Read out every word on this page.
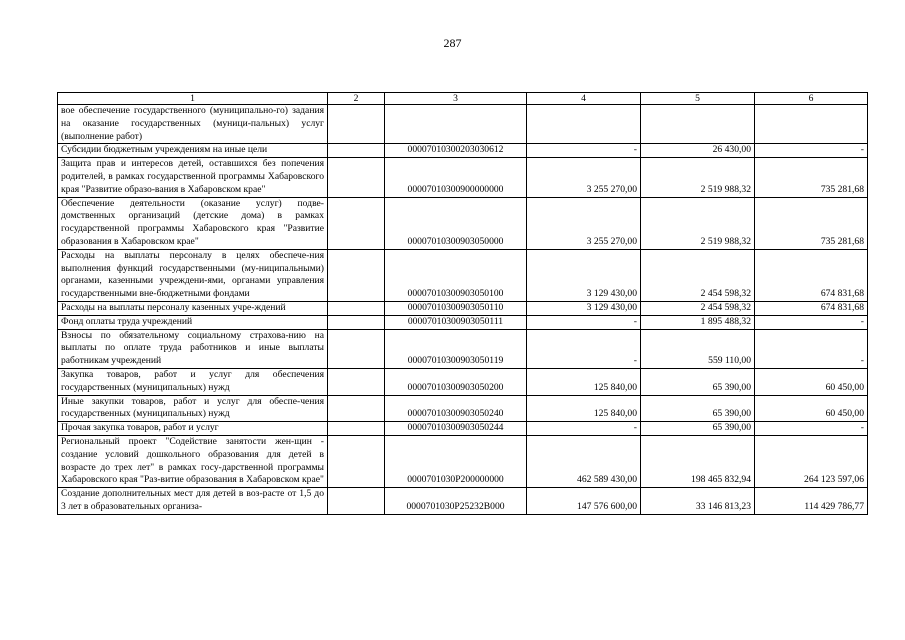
287
1	2	3	4	5	6
вое обеспечение государственного (муниципально-го) задания на оказание государственных (муници-пальных) услуг (выполнение работ)					
Субсидии бюджетным учреждениям на иные цели		00007010300203030612	-	26 430,00	-
Защита прав и интересов детей, оставшихся без попечения родителей, в рамках государственной программы Хабаровского края "Развитие образо-вания в Хабаровском крае"		00007010300900000000	3 255 270,00	2 519 988,32	735 281,68
Обеспечение деятельности (оказание услуг) подве-домственных организаций (детские дома) в рамках государственной программы Хабаровского края "Развитие образования в Хабаровском крае"		00007010300903050000	3 255 270,00	2 519 988,32	735 281,68
Расходы на выплаты персоналу в целях обеспече-ния выполнения функций государственными (му-ниципальными) органами, казенными учреждени-ями, органами управления государственными вне-бюджетными фондами		00007010300903050100	3 129 430,00	2 454 598,32	674 831,68
Расходы на выплаты персоналу казенных учре-ждений		00007010300903050110	3 129 430,00	2 454 598,32	674 831,68
Фонд оплаты труда учреждений		00007010300903050111	-	1 895 488,32	-
Взносы по обязательному социальному страхова-нию на выплаты по оплате труда работников и иные выплаты работникам учреждений		00007010300903050119	-	559 110,00	-
Закупка товаров, работ и услуг для обеспечения государственных (муниципальных) нужд		00007010300903050200	125 840,00	65 390,00	60 450,00
Иные закупки товаров, работ и услуг для обеспе-чения государственных (муниципальных) нужд		00007010300903050240	125 840,00	65 390,00	60 450,00
Прочая закупка товаров, работ и услуг		00007010300903050244	-	65 390,00	-
Региональный проект "Содействие занятости жен-щин - создание условий дошкольного образования для детей в возрасте до трех лет" в рамках госу-дарственной программы Хабаровского края "Раз-витие образования в Хабаровском крае"		0000701030P200000000	462 589 430,00	198 465 832,94	264 123 597,06
Создание дополнительных мест для детей в воз-расте от 1,5 до 3 лет в образовательных организа-		0000701030P25232В000	147 576 600,00	33 146 813,23	114 429 786,77
